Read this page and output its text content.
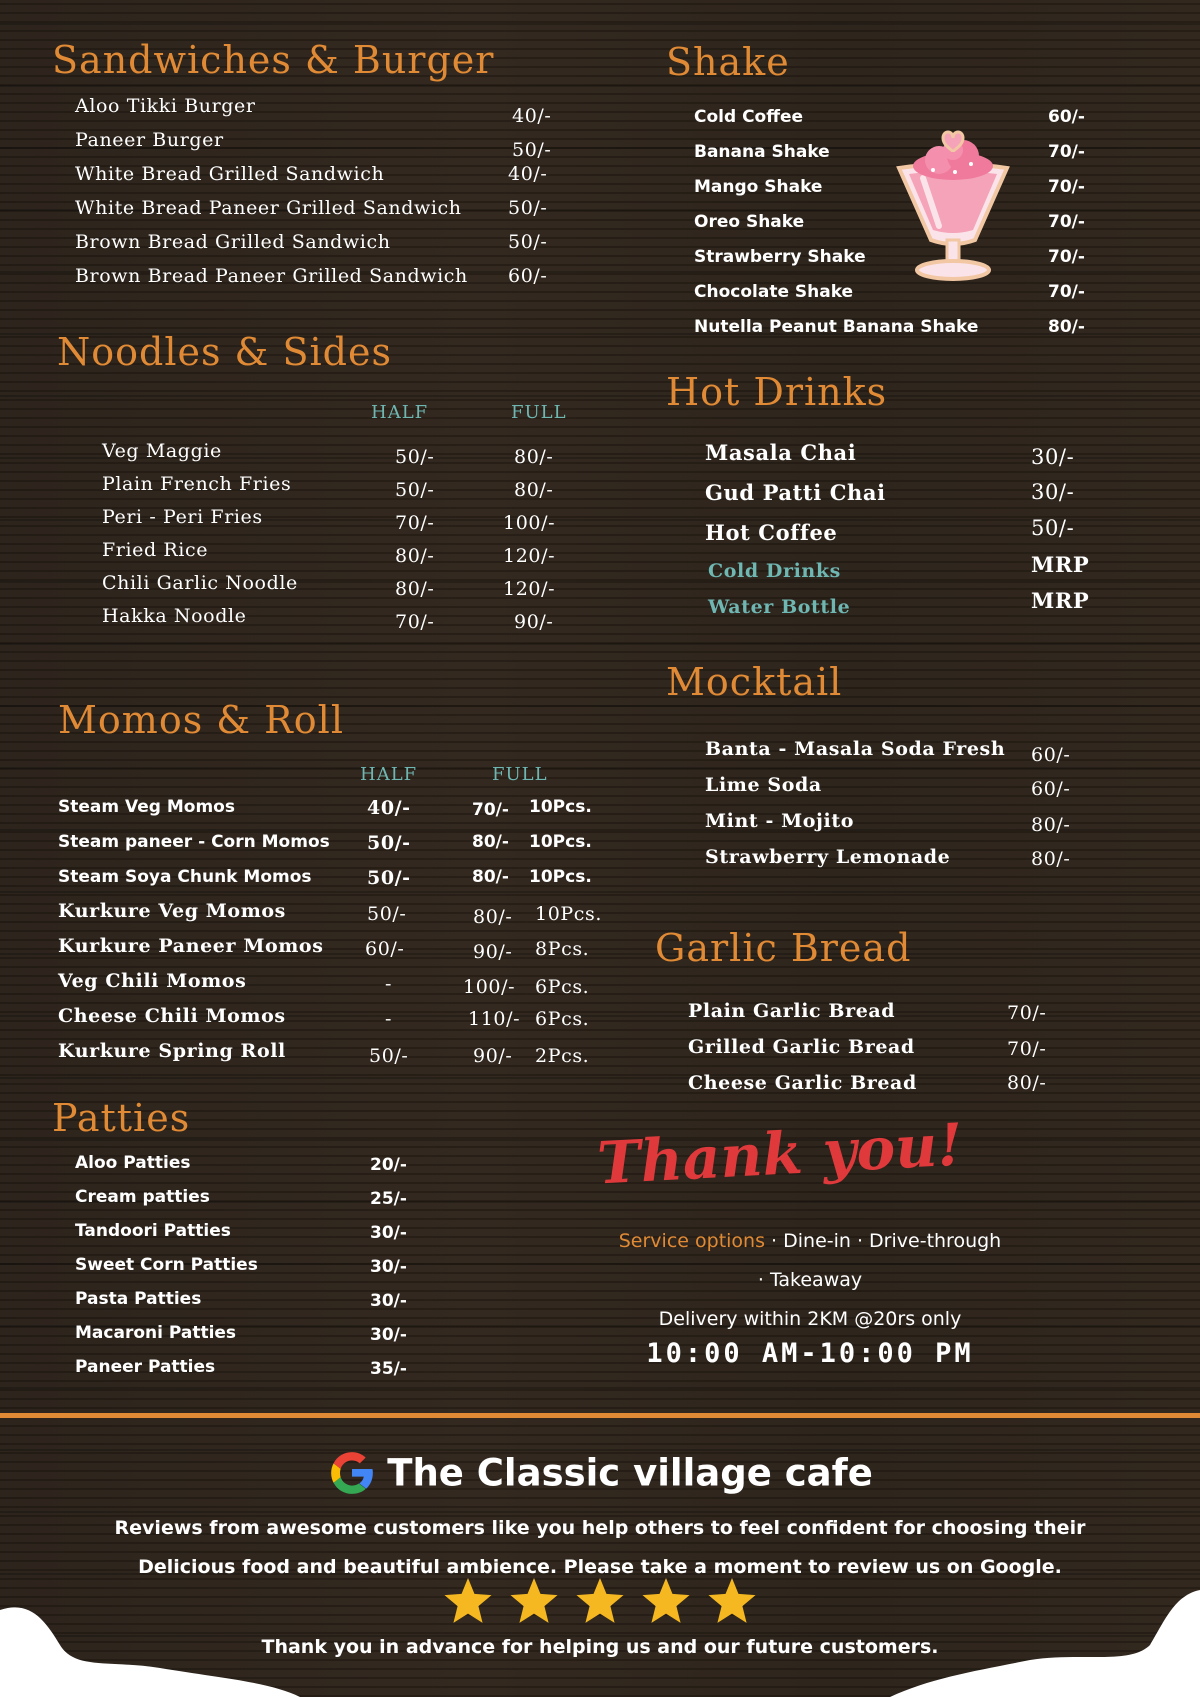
Sandwiches & Burger
Aloo Tikki Burger	40/-
Paneer Burger	50/-
White Bread Grilled Sandwich	40/-
White Bread Paneer Grilled Sandwich 50/-
Brown Bread Grilled Sandwich	50/-
Brown Bread Paneer Grilled Sandwich 60/-
Noodles & Sides
HALF	FULL
Veg Maggie	50/-	80/-
Plain French Fries	50/-	80/-
Peri - Peri Fries	70/-	100/-
Fried Rice	80/-	120/-
Chili Garlic Noodle	80/-	120/-
Hakka Noodle	70/-	90/-
Momos & Roll
HALF	FULL
Steam Veg Momos	40/-	70/- 10Pcs.
Steam paneer - Corn Momos 50/-	80/- 10Pcs.
Steam Soya Chunk Momos	50/-	80/- 10Pcs.
Kurkure Veg Momos	50/-	80/- 10Pcs.
Kurkure Paneer Momos 60/-	90/- 8Pcs.
Veg Chili Momos	-	100/- 6Pcs.
Cheese Chili Momos	-	110/- 6Pcs.
Kurkure Spring Roll	50/-	90/- 2Pcs.
Patties
Aloo Patties	20/-
Cream patties	25/-
Tandoori Patties	30/-
Sweet Corn Patties	30/-
Pasta Patties	30/-
Macaroni Patties	30/-
Paneer Patties	35/-
Shake
Cold Coffee	60/-
Banana Shake	70/-
Mango Shake	70/-
Oreo Shake	70/-
Strawberry Shake	70/-
Chocolate Shake	70/-
Nutella Peanut Banana Shake	80/-
Hot Drinks
Masala Chai	30/-
Gud Patti Chai	30/-
Hot Coffee	50/-
Cold Drinks	MRP
Water Bottle	MRP
Mocktail
Banta - Masala Soda Fresh 60/-
Lime Soda	60/-
Mint - Mojito	80/-
Strawberry Lemonade	80/-
Garlic Bread
Plain Garlic Bread	70/-
Grilled Garlic Bread	70/-
Cheese Garlic Bread	80/-
Thank you!
Service options · Dine-in · Drive-through
· Takeaway
Delivery within 2KM @20rs only
10:00 AM-10:00 PM
The Classic village cafe
Reviews from awesome customers like you help others to feel confident for choosing their
Delicious food and beautiful ambience. Please take a moment to review us on Google.

Thank you in advance for helping us and our future customers.
